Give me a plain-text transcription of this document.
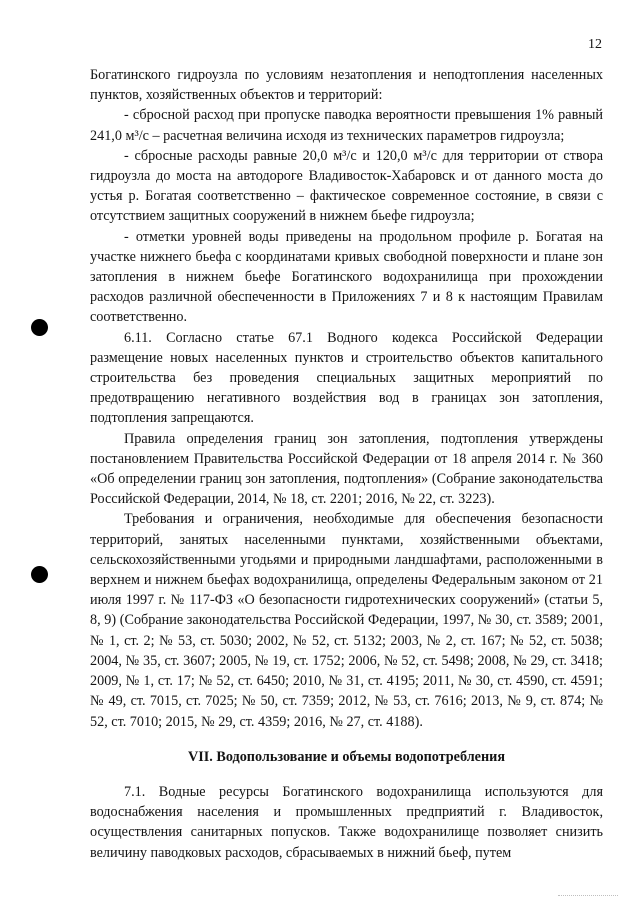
12

Богатинского гидроузла по условиям незатопления и неподтопления населенных пунктов, хозяйственных объектов и территорий:

- сбросной расход при пропуске паводка вероятности превышения 1% равный 241,0 м³/с – расчетная величина исходя из технических параметров гидроузла;

- сбросные расходы равные 20,0 м³/с и 120,0 м³/с для территории от створа гидроузла до моста на автодороге Владивосток-Хабаровск и от данного моста до устья р. Богатая соответственно – фактическое современное состояние, в связи с отсутствием защитных сооружений в нижнем бьефе гидроузла;

- отметки уровней воды приведены на продольном профиле р. Богатая на участке нижнего бьефа с координатами кривых свободной поверхности и плане зон затопления в нижнем бьефе Богатинского водохранилища при прохождении расходов различной обеспеченности в Приложениях 7 и 8 к настоящим Правилам соответственно.

6.11. Согласно статье 67.1 Водного кодекса Российской Федерации размещение новых населенных пунктов и строительство объектов капитального строительства без проведения специальных защитных мероприятий по предотвращению негативного воздействия вод в границах зон затопления, подтопления запрещаются.

Правила определения границ зон затопления, подтопления утверждены постановлением Правительства Российской Федерации от 18 апреля 2014 г. № 360 «Об определении границ зон затопления, подтопления» (Собрание законодательства Российской Федерации, 2014, № 18, ст. 2201; 2016, № 22, ст. 3223).

Требования и ограничения, необходимые для обеспечения безопасности территорий, занятых населенными пунктами, хозяйственными объектами, сельскохозяйственными угодьями и природными ландшафтами, расположенными в верхнем и нижнем бьефах водохранилища, определены Федеральным законом от 21 июля 1997 г. № 117-ФЗ «О безопасности гидротехнических сооружений» (статьи 5, 8, 9) (Собрание законодательства Российской Федерации, 1997, № 30, ст. 3589; 2001, № 1, ст. 2; № 53, ст. 5030; 2002, № 52, ст. 5132; 2003, № 2, ст. 167; № 52, ст. 5038; 2004, № 35, ст. 3607; 2005, № 19, ст. 1752; 2006, № 52, ст. 5498; 2008, № 29, ст. 3418; 2009, № 1, ст. 17; № 52, ст. 6450; 2010, № 31, ст. 4195; 2011, № 30, ст. 4590, ст. 4591; № 49, ст. 7015, ст. 7025; № 50, ст. 7359; 2012, № 53, ст. 7616; 2013, № 9, ст. 874; № 52, ст. 7010; 2015, № 29, ст. 4359; 2016, № 27, ст. 4188).

VII. Водопользование и объемы водопотребления

7.1. Водные ресурсы Богатинского водохранилища используются для водоснабжения населения и промышленных предприятий г. Владивосток, осуществления санитарных попусков. Также водохранилище позволяет снизить величину паводковых расходов, сбрасываемых в нижний бьеф, путем
